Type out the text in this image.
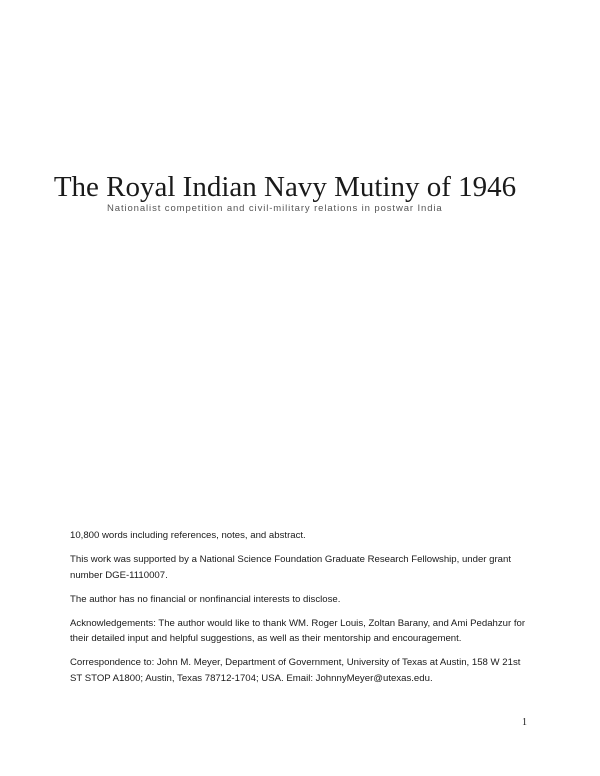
The Royal Indian Navy Mutiny of 1946
Nationalist competition and civil-military relations in postwar India

10,800 words including references, notes, and abstract.

This work was supported by a National Science Foundation Graduate Research Fellowship, under grant number DGE-1110007.

The author has no financial or nonfinancial interests to disclose.

Acknowledgements: The author would like to thank WM. Roger Louis, Zoltan Barany, and Ami Pedahzur for their detailed input and helpful suggestions, as well as their mentorship and encouragement.

Correspondence to: John M. Meyer, Department of Government, University of Texas at Austin, 158 W 21st ST STOP A1800; Austin, Texas 78712-1704; USA. Email: JohnnyMeyer@utexas.edu.

1
